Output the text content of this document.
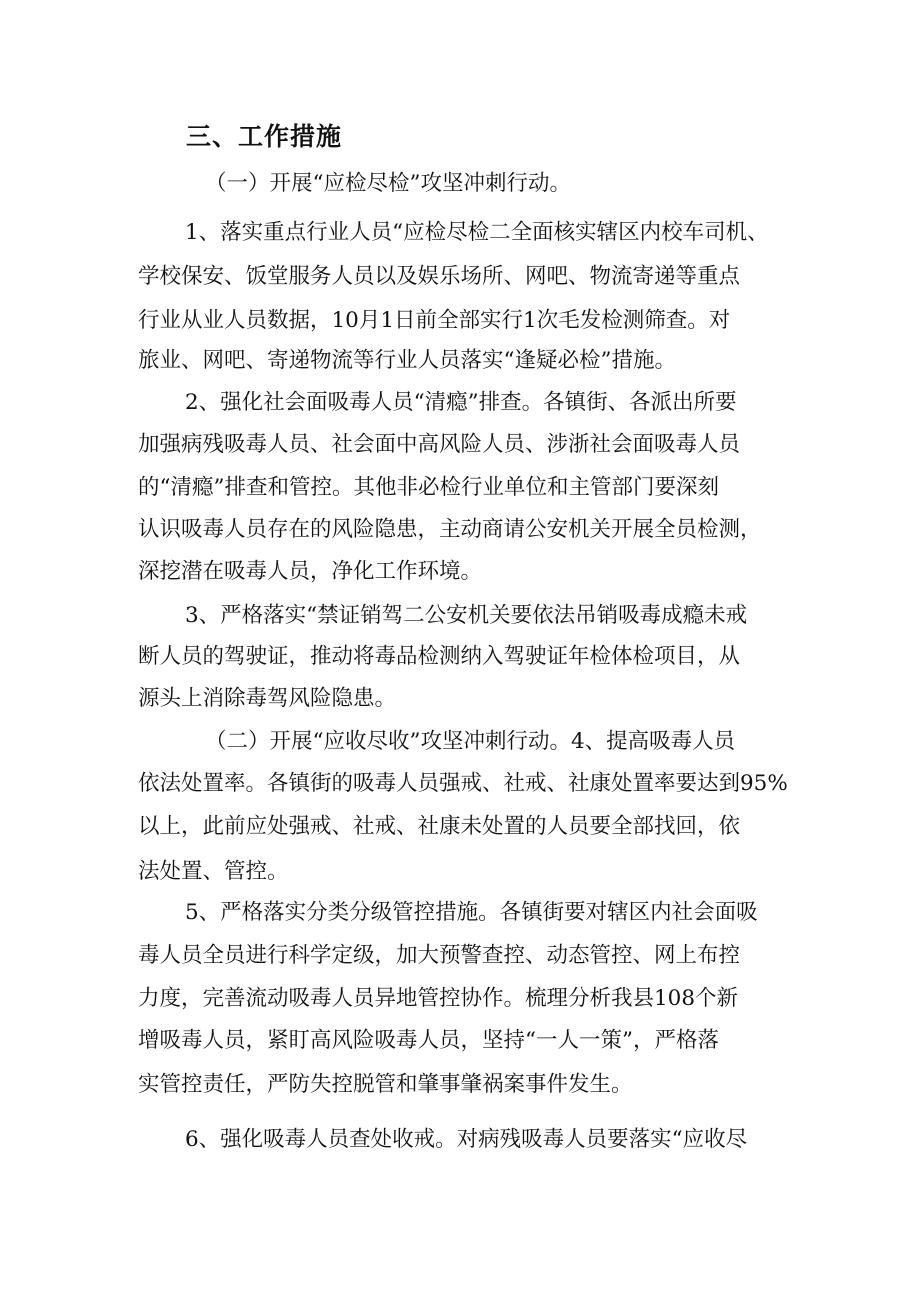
三、工作措施
（一）开展“应检尽检”攻坚冲刺行动。
1、落实重点行业人员“应检尽检二全面核实辖区内校车司机、
学校保安、饭堂服务人员以及娱乐场所、网吧、物流寄递等重点
行业从业人员数据，10月1日前全部实行1次毛发检测筛查。对
旅业、网吧、寄递物流等行业人员落实“逢疑必检”措施。
2、强化社会面吸毒人员“清瘾”排查。各镇街、各派出所要
加强病残吸毒人员、社会面中高风险人员、涉浙社会面吸毒人员
的“清瘾”排查和管控。其他非必检行业单位和主管部门要深刻
认识吸毒人员存在的风险隐患，主动商请公安机关开展全员检测，
深挖潜在吸毒人员，净化工作环境。
3、严格落实“禁证销驾二公安机关要依法吊销吸毒成瘾未戒
断人员的驾驶证，推动将毒品检测纳入驾驶证年检体检项目，从
源头上消除毒驾风险隐患。
（二）开展“应收尽收”攻坚冲刺行动。4、提高吸毒人员
依法处置率。各镇街的吸毒人员强戒、社戒、社康处置率要达到95%
以上，此前应处强戒、社戒、社康未处置的人员要全部找回，依
法处置、管控。
5、严格落实分类分级管控措施。各镇街要对辖区内社会面吸
毒人员全员进行科学定级，加大预警查控、动态管控、网上布控
力度，完善流动吸毒人员异地管控协作。梳理分析我县108个新
增吸毒人员，紧盯高风险吸毒人员，坚持“一人一策”，严格落
实管控责任，严防失控脱管和肇事肇祸案事件发生。
6、强化吸毒人员查处收戒。对病残吸毒人员要落实“应收尽
